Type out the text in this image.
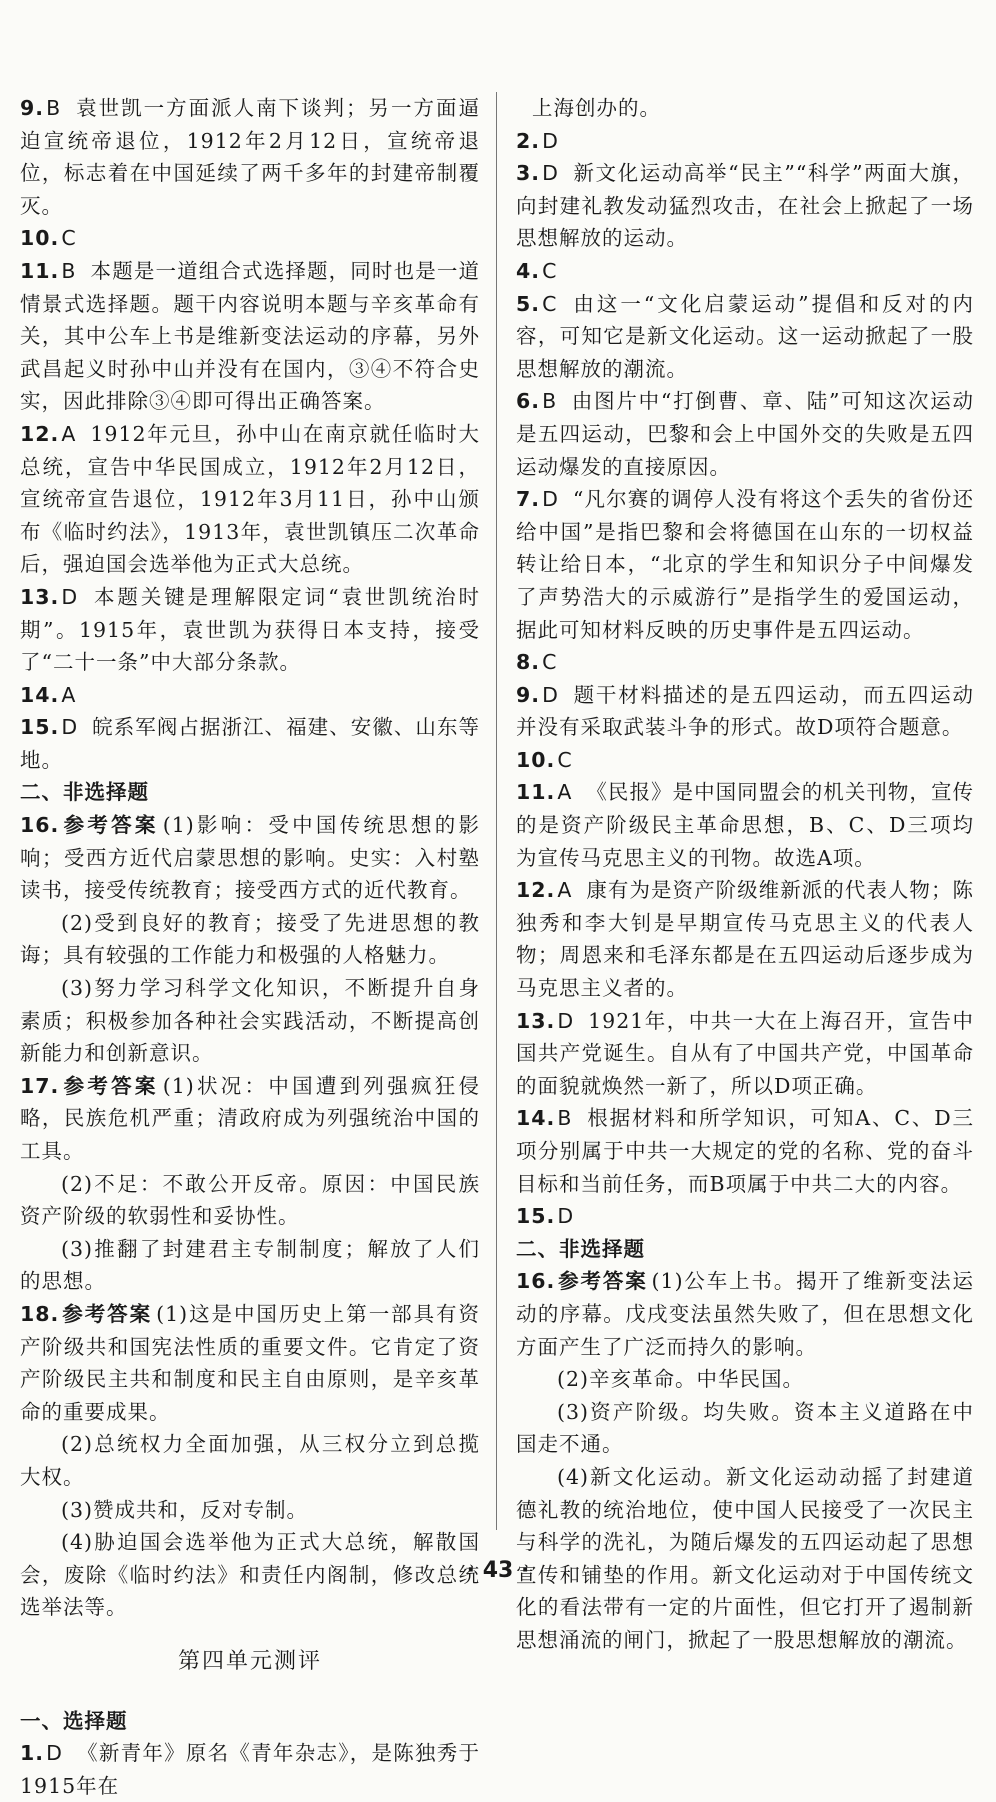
9.B 袁世凯一方面派人南下谈判；另一方面逼迫宣统帝退位，1912年2月12日，宣统帝退位，标志着在中国延续了两千多年的封建帝制覆灭。
10.C
11.B 本题是一道组合式选择题，同时也是一道情景式选择题。题干内容说明本题与辛亥革命有关，其中公车上书是维新变法运动的序幕，另外武昌起义时孙中山并没有在国内，③④不符合史实，因此排除③④即可得出正确答案。
12.A 1912年元旦，孙中山在南京就任临时大总统，宣告中华民国成立，1912年2月12日，宣统帝宣告退位，1912年3月11日，孙中山颁布《临时约法》，1913年，袁世凯镇压二次革命后，强迫国会选举他为正式大总统。
13.D 本题关键是理解限定词“袁世凯统治时期”。1915年，袁世凯为获得日本支持，接受了“二十一条”中大部分条款。
14.A
15.D 皖系军阀占据浙江、福建、安徽、山东等地。
二、非选择题
16.参考答案 (1)影响：受中国传统思想的影响；受西方近代启蒙思想的影响。史实：入村塾读书，接受传统教育；接受西方式的近代教育。
(2)受到良好的教育；接受了先进思想的教诲；具有较强的工作能力和极强的人格魅力。
(3)努力学习科学文化知识，不断提升自身素质；积极参加各种社会实践活动，不断提高创新能力和创新意识。
17.参考答案 (1)状况：中国遭到列强疯狂侵略，民族危机严重；清政府成为列强统治中国的工具。
(2)不足：不敢公开反帝。原因：中国民族资产阶级的软弱性和妥协性。
(3)推翻了封建君主专制制度；解放了人们的思想。
18.参考答案 (1)这是中国历史上第一部具有资产阶级共和国宪法性质的重要文件。它肯定了资产阶级民主共和制度和民主自由原则，是辛亥革命的重要成果。
(2)总统权力全面加强，从三权分立到总揽大权。
(3)赞成共和，反对专制。
(4)胁迫国会选举他为正式大总统，解散国会，废除《临时约法》和责任内阁制，修改总统选举法等。
第四单元测评
一、选择题
1.D 《新青年》原名《青年杂志》，是陈独秀于1915年在
上海创办的。
2.D
3.D 新文化运动高举“民主”“科学”两面大旗，向封建礼教发动猛烈攻击，在社会上掀起了一场思想解放的运动。
4.C
5.C 由这一“文化启蒙运动”提倡和反对的内容，可知它是新文化运动。这一运动掀起了一股思想解放的潮流。
6.B 由图片中“打倒曹、章、陆”可知这次运动是五四运动，巴黎和会上中国外交的失败是五四运动爆发的直接原因。
7.D “凡尔赛的调停人没有将这个丢失的省份还给中国”是指巴黎和会将德国在山东的一切权益转让给日本，“北京的学生和知识分子中间爆发了声势浩大的示威游行”是指学生的爱国运动，据此可知材料反映的历史事件是五四运动。
8.C
9.D 题干材料描述的是五四运动，而五四运动并没有采取武装斗争的形式。故D项符合题意。
10.C
11.A 《民报》是中国同盟会的机关刊物，宣传的是资产阶级民主革命思想，B、C、D三项均为宣传马克思主义的刊物。故选A项。
12.A 康有为是资产阶级维新派的代表人物；陈独秀和李大钊是早期宣传马克思主义的代表人物；周恩来和毛泽东都是在五四运动后逐步成为马克思主义者的。
13.D 1921年，中共一大在上海召开，宣告中国共产党诞生。自从有了中国共产党，中国革命的面貌就焕然一新了，所以D项正确。
14.B 根据材料和所学知识，可知A、C、D三项分别属于中共一大规定的党的名称、党的奋斗目标和当前任务，而B项属于中共二大的内容。
15.D
二、非选择题
16.参考答案 (1)公车上书。揭开了维新变法运动的序幕。戊戌变法虽然失败了，但在思想文化方面产生了广泛而持久的影响。
(2)辛亥革命。中华民国。
(3)资产阶级。均失败。资本主义道路在中国走不通。
(4)新文化运动。新文化运动动摇了封建道德礼教的统治地位，使中国人民接受了一次民主与科学的洗礼，为随后爆发的五四运动起了思想宣传和铺垫的作用。新文化运动对于中国传统文化的看法带有一定的片面性，但它打开了遏制新思想涌流的闸门，掀起了一股思想解放的潮流。
· 43 ·
